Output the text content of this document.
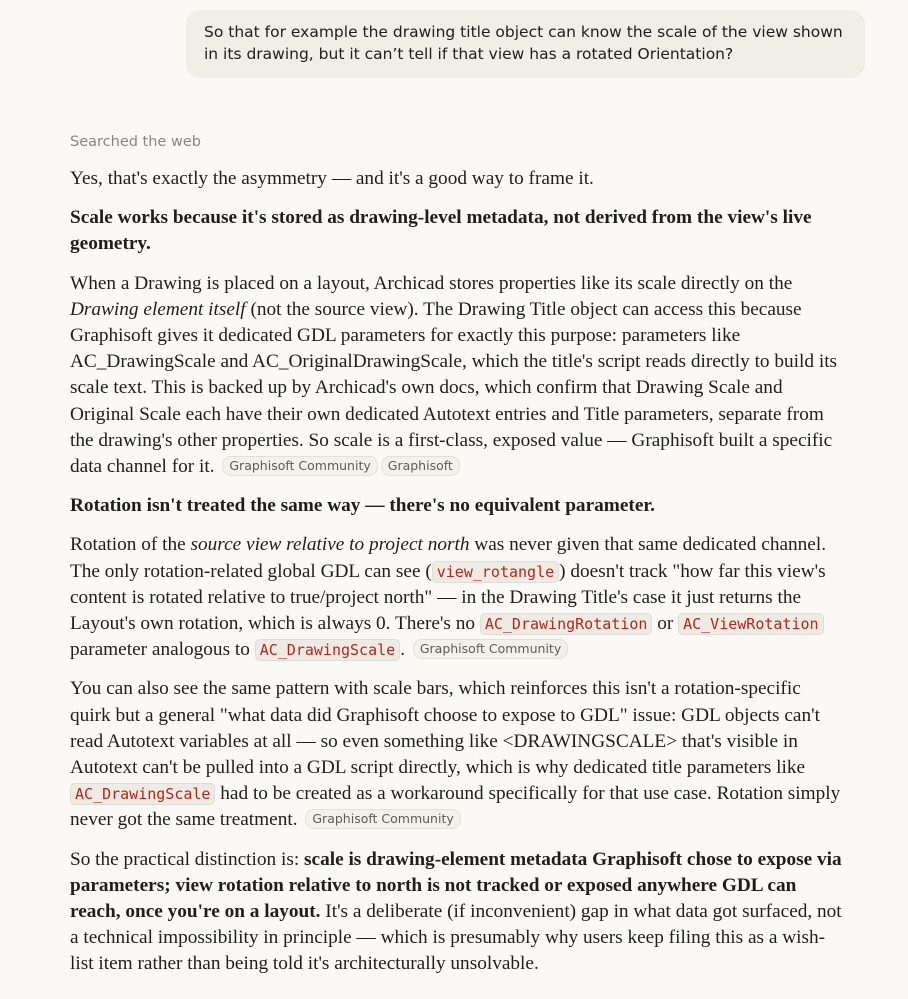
So that for example the drawing title object can know the scale of the view shown in its drawing, but it can’t tell if that view has a rotated Orientation?
Searched the web

Yes, that's exactly the asymmetry — and it's a good way to frame it.

Scale works because it's stored as drawing-level metadata, not derived from the view's live geometry.

When a Drawing is placed on a layout, Archicad stores properties like its scale directly on the Drawing element itself (not the source view). The Drawing Title object can access this because Graphisoft gives it dedicated GDL parameters for exactly this purpose: parameters like AC_DrawingScale and AC_OriginalDrawingScale, which the title's script reads directly to build its scale text. This is backed up by Archicad's own docs, which confirm that Drawing Scale and Original Scale each have their own dedicated Autotext entries and Title parameters, separate from the drawing's other properties. So scale is a first-class, exposed value — Graphisoft built a specific data channel for it. Graphisoft Community Graphisoft

Rotation isn't treated the same way — there's no equivalent parameter.

Rotation of the source view relative to project north was never given that same dedicated channel. The only rotation-related global GDL can see ( view_rotangle ) doesn't track "how far this view's content is rotated relative to true/project north" — in the Drawing Title's case it just returns the Layout's own rotation, which is always 0. There's no AC_DrawingRotation or AC_ViewRotation parameter analogous to AC_DrawingScale . Graphisoft Community

You can also see the same pattern with scale bars, which reinforces this isn't a rotation-specific quirk but a general "what data did Graphisoft choose to expose to GDL" issue: GDL objects can't read Autotext variables at all — so even something like <DRAWINGSCALE> that's visible in Autotext can't be pulled into a GDL script directly, which is why dedicated title parameters like AC_DrawingScale had to be created as a workaround specifically for that use case. Rotation simply never got the same treatment. Graphisoft Community

So the practical distinction is: scale is drawing-element metadata Graphisoft chose to expose via parameters; view rotation relative to north is not tracked or exposed anywhere GDL can reach, once you're on a layout. It's a deliberate (if inconvenient) gap in what data got surfaced, not a technical impossibility in principle — which is presumably why users keep filing this as a wish-list item rather than being told it's architecturally unsolvable.
